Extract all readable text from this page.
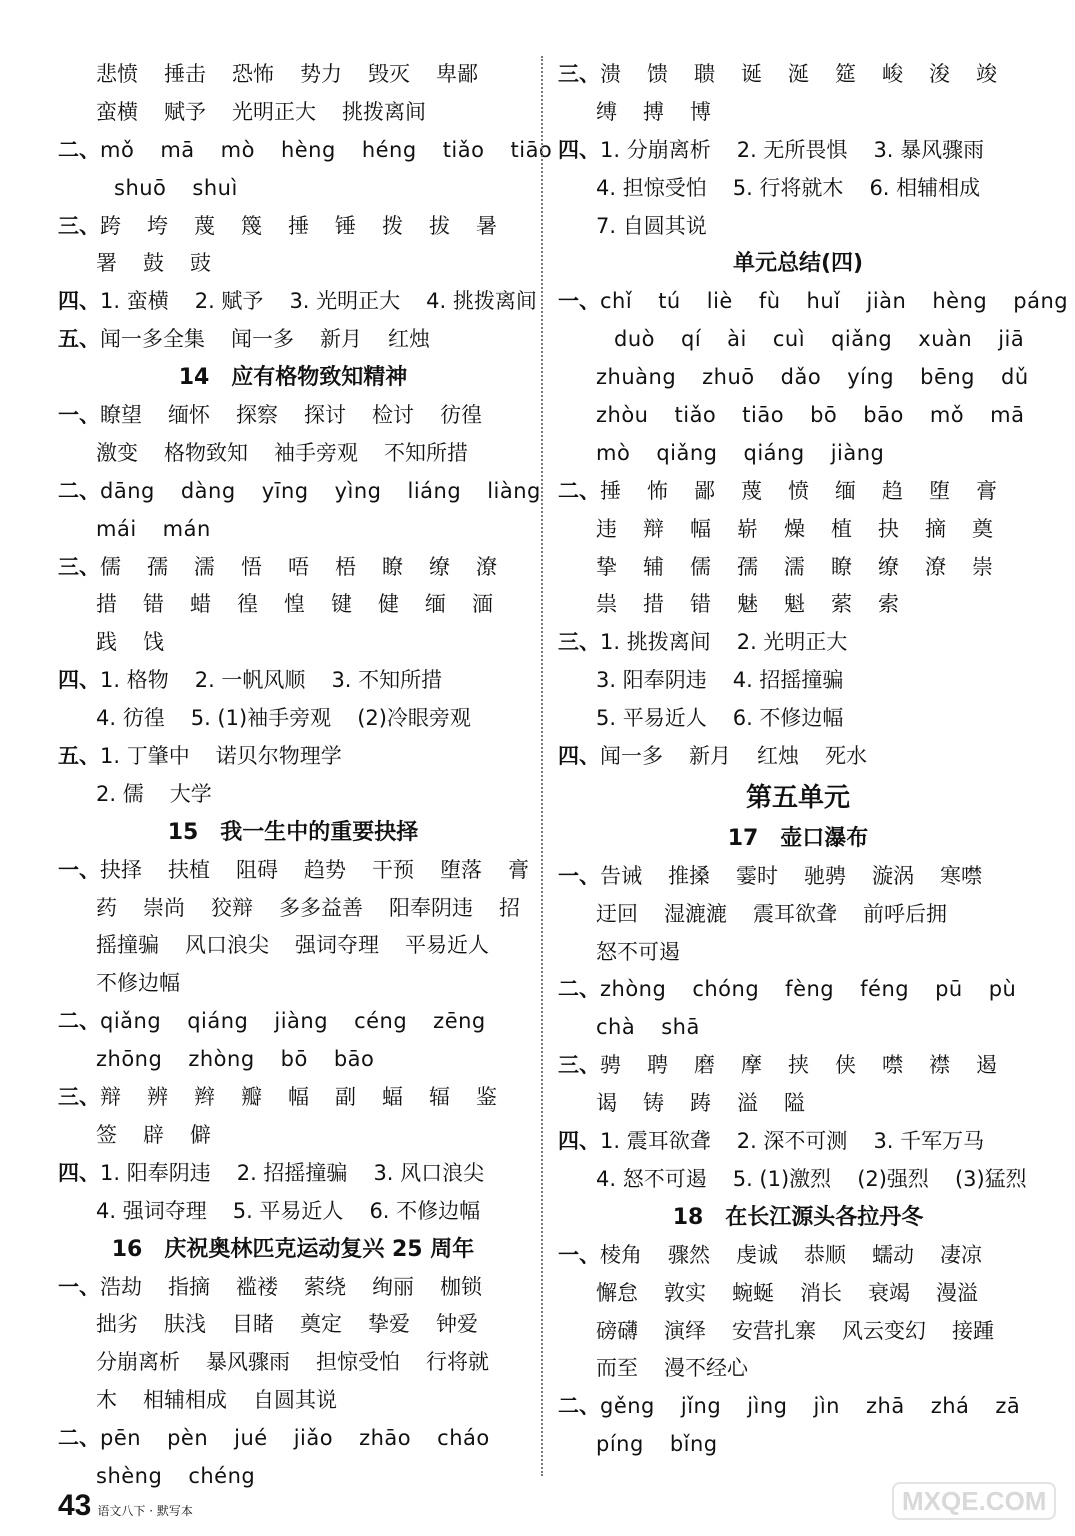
悲愤 捶击 恐怖 势力 毁灭 卑鄙
蛮横 赋予 光明正大 挑拨离间
二、mǒ mā mò hèng héng tiǎo tiāo
shuō shuì
三、跨 垮 蔑 篾 捶 锤 拨 拔 暑
署 鼓 豉
四、1. 蛮横 2. 赋予 3. 光明正大 4. 挑拨离间
五、闻一多全集 闻一多 新月 红烛
14　应有格物致知精神
一、瞭望 缅怀 探察 探讨 检讨 彷徨
激变 格物致知 袖手旁观 不知所措
二、dāng dàng yīng yìng liáng liàng
mái mán
三、儒 孺 濡 悟 唔 梧 瞭 缭 潦
措 错 蜡 徨 惶 键 健 缅 湎
践 饯
四、1. 格物 2. 一帆风顺 3. 不知所措
4. 彷徨 5. (1)袖手旁观 (2)冷眼旁观
五、1. 丁肇中 诺贝尔物理学
2. 儒 大学
15　我一生中的重要抉择
一、抉择 扶植 阻碍 趋势 干预 堕落 膏
药 崇尚 狡辩 多多益善 阳奉阴违 招
摇撞骗 风口浪尖 强词夺理 平易近人
不修边幅
二、qiǎng qiáng jiàng céng zēng
zhōng zhòng bō bāo
三、辩 辨 辫 瓣 幅 副 蝠 辐 鉴
签 辟 僻
四、1. 阳奉阴违 2. 招摇撞骗 3. 风口浪尖
4. 强词夺理 5. 平易近人 6. 不修边幅
16　庆祝奥林匹克运动复兴 25 周年
一、浩劫 指摘 褴褛 萦绕 绚丽 枷锁
拙劣 肤浅 目睹 奠定 挚爱 钟爱
分崩离析 暴风骤雨 担惊受怕 行将就
木 相辅相成 自圆其说
二、pēn pèn jué jiǎo zhāo cháo
shèng chéng
三、溃 馈 聩 诞 涎 筵 峻 浚 竣
缚 搏 博
四、1. 分崩离析 2. 无所畏惧 3. 暴风骤雨
4. 担惊受怕 5. 行将就木 6. 相辅相成
7. 自圆其说
单元总结(四)
一、chǐ tú liè fù huǐ jiàn hèng páng
duò qí ài cuì qiǎng xuàn jiā
zhuàng zhuō dǎo yíng bēng dǔ
zhòu tiǎo tiāo bō bāo mǒ mā
mò qiǎng qiáng jiàng
二、捶 怖 鄙 蔑 愤 缅 趋 堕 膏
违 辩 幅 崭 燥 植 抉 摘 奠
挚 辅 儒 孺 濡 瞭 缭 潦 崇
祟 措 错 魅 魁 萦 索
三、1. 挑拨离间 2. 光明正大
3. 阳奉阴违 4. 招摇撞骗
5. 平易近人 6. 不修边幅
四、闻一多 新月 红烛 死水
第五单元
17　壶口瀑布
一、告诫 推搡 霎时 驰骋 漩涡 寒噤
迂回 湿漉漉 震耳欲聋 前呼后拥
怒不可遏
二、zhòng chóng fèng féng pū pù
chà shā
三、骋 聘 磨 摩 挟 侠 噤 襟 遏
谒 铸 踌 溢 隘
四、1. 震耳欲聋 2. 深不可测 3. 千军万马
4. 怒不可遏 5. (1)激烈 (2)强烈 (3)猛烈
18　在长江源头各拉丹冬
一、棱角 骤然 虔诚 恭顺 蠕动 凄凉
懈怠 敦实 蜿蜒 消长 衰竭 漫溢
磅礴 演绎 安营扎寨 风云变幻 接踵
而至 漫不经心
二、gěng jǐng jìng jìn zhā zhá zā
píng bǐng
43 语文八下 · 默写本	MXQE.COM
